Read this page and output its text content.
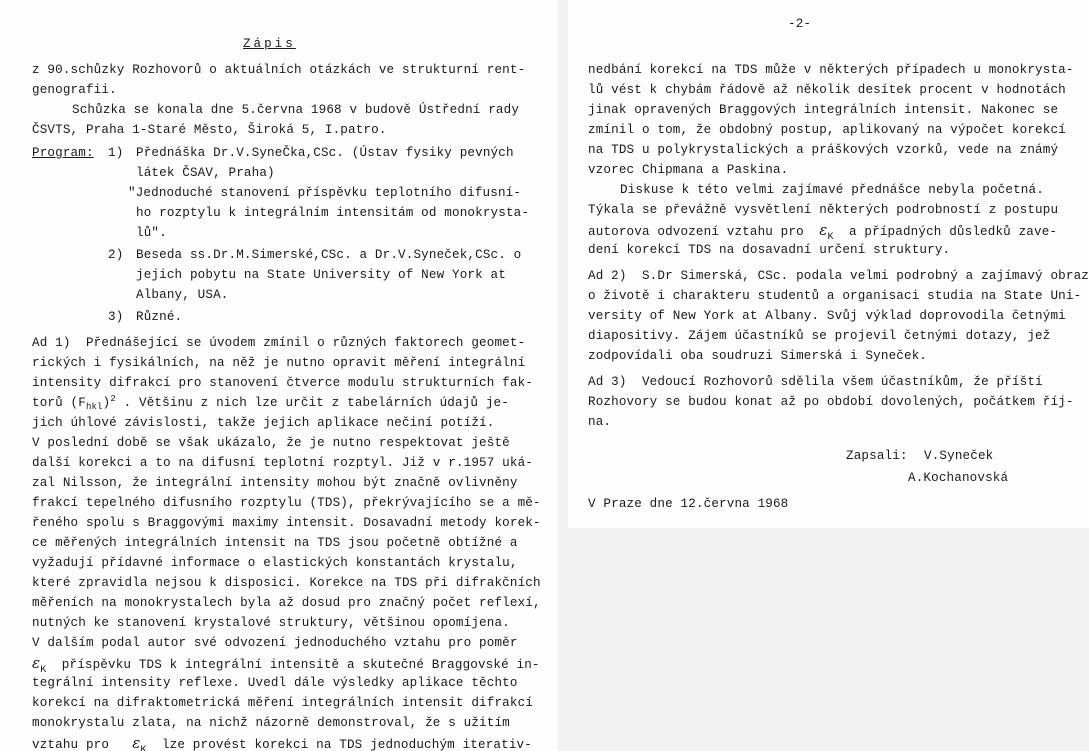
Zápis
z 90.schůzky Rozhovorů o aktuálních otázkách ve strukturní rent-
genografii.
Schůzka se konala dne 5.června 1968 v budově Ústřední rady
ČSVTS, Praha 1-Staré Město, Široká 5, I.patro.
Program: 1) Přednáška Dr.V.SyneČka,CSc. (Ústav fysiky pevných
látek ČSAV, Praha)
"Jednoduché stanovení příspěvku teplotního difusní-
ho rozptylu k integrálním intensitám od monokrysta-
lů".
2) Beseda ss.Dr.M.Simerské,CSc. a Dr.V.Syneček,CSc. o
jejich pobytu na State University of New York at
Albany, USA.
3) Různé.
Ad 1)  Přednášející se úvodem zmínil o různých faktorech geomet-
rických i fysikálních, na něž je nutno opravit měření integrální
intensity difrakcí pro stanovení čtverce modulu strukturních fak-
torů $(F_{hkl})^2$ . Většinu z nich lze určit z tabelárních údajů je-
jich úhlové závislosti, takže jejich aplikace nečiní potíží.
V poslední době se však ukázalo, že je nutno respektovat ještě
další korekci a to na difusní teplotní rozptyl. Již v r.1957 uká-
zal Nilsson, že integrální intensity mohou být značně ovlivněny
frakcí tepelného difusního rozptylu (TDS), překrývajícího se a mě-
řeného spolu s Braggovými maximy intensit. Dosavadní metody korek-
ce měřených integrálních intensit na TDS jsou početně obtížné a
vyžadují přídavné informace o elastických konstantách krystalu,
které zpravidla nejsou k disposici. Korekce na TDS při difrakčních
měřeních na monokrystalech byla až dosud pro značný počet reflexí,
nutných ke stanovení krystalové struktury, většinou opomíjena.
V dalším podal autor své odvození jednoduchého vztahu pro poměr
$\varepsilon_K$  příspěvku TDS k integrální intensitě a skutečné Braggovské in-
tegrální intensity reflexe. Uvedl dále výsledky aplikace těchto
korekcí na difraktometrická měření integrálních intensit difrakcí
monokrystalu zlata, na nichž názorně demonstroval, že s užitím
vztahu pro $\varepsilon_K$  lze provést korekci na TDS jednoduchým iterativ-
-2-
nedbání korekcí na TDS může v některých případech u monokrysta-
lů vést k chybám řádově až několik desítek procent v hodnotách
jinak opravených Braggových integrálních intensit. Nakonec se
zmínil o tom, že obdobný postup, aplikovaný na výpočet korekcí
na TDS u polykrystalických a práškových vzorků, vede na známý
vzorec Chipmana a Paskina.
Diskuse k této velmi zajímavé přednášce nebyla početná.
Týkala se převážně vysvětlení některých podrobností z postupu
autorova odvození vztahu pro $\varepsilon_K$  a případných důsledků zave-
dení korekcí TDS na dosavadní určení struktury.
Ad 2)  S.Dr Simerská, CSc. podala velmi podrobný a zajímavý obraz
o životě i charakteru studentů a organisaci studia na State Uni-
versity of New York at Albany. Svůj výklad doprovodila četnými
diapositivy. Zájem účastníků se projevil četnými dotazy, jež
zodpovídali oba soudruzi Simerská i Syneček.
Ad 3)  Vedoucí Rozhovorů sdělila všem účastníkům, že příští
Rozhovory se budou konat až po období dovolených, počátkem říj-
na.
Zapsali: V.Syneček
A.Kochanovská
V Praze dne 12.června 1968
